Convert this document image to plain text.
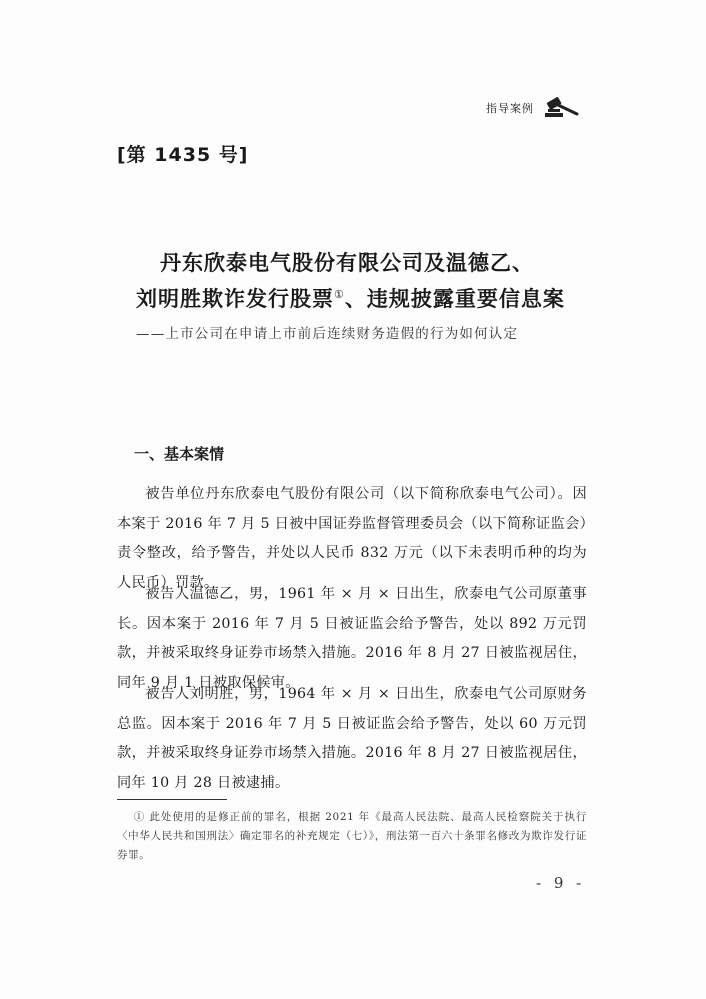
指导案例
[第 1435 号]
丹东欣泰电气股份有限公司及温德乙、
刘明胜欺诈发行股票①、违规披露重要信息案
——上市公司在申请上市前后连续财务造假的行为如何认定
一、基本案情
被告单位丹东欣泰电气股份有限公司（以下简称欣泰电气公司）。因本案于 2016 年 7 月 5 日被中国证券监督管理委员会（以下简称证监会）责令整改，给予警告，并处以人民币 832 万元（以下未表明币种的均为人民币）罚款。
被告人温德乙，男，1961 年 × 月 × 日出生，欣泰电气公司原董事长。因本案于 2016 年 7 月 5 日被证监会给予警告，处以 892 万元罚款，并被采取终身证券市场禁入措施。2016 年 8 月 27 日被监视居住，同年 9 月 1 日被取保候审。
被告人刘明胜，男，1964 年 × 月 × 日出生，欣泰电气公司原财务总监。因本案于 2016 年 7 月 5 日被证监会给予警告，处以 60 万元罚款，并被采取终身证券市场禁入措施。2016 年 8 月 27 日被监视居住，同年 10 月 28 日被逮捕。
① 此处使用的是修正前的罪名，根据 2021 年《最高人民法院、最高人民检察院关于执行〈中华人民共和国刑法〉确定罪名的补充规定（七）》，刑法第一百六十条罪名修改为欺诈发行证券罪。
- 9 -
